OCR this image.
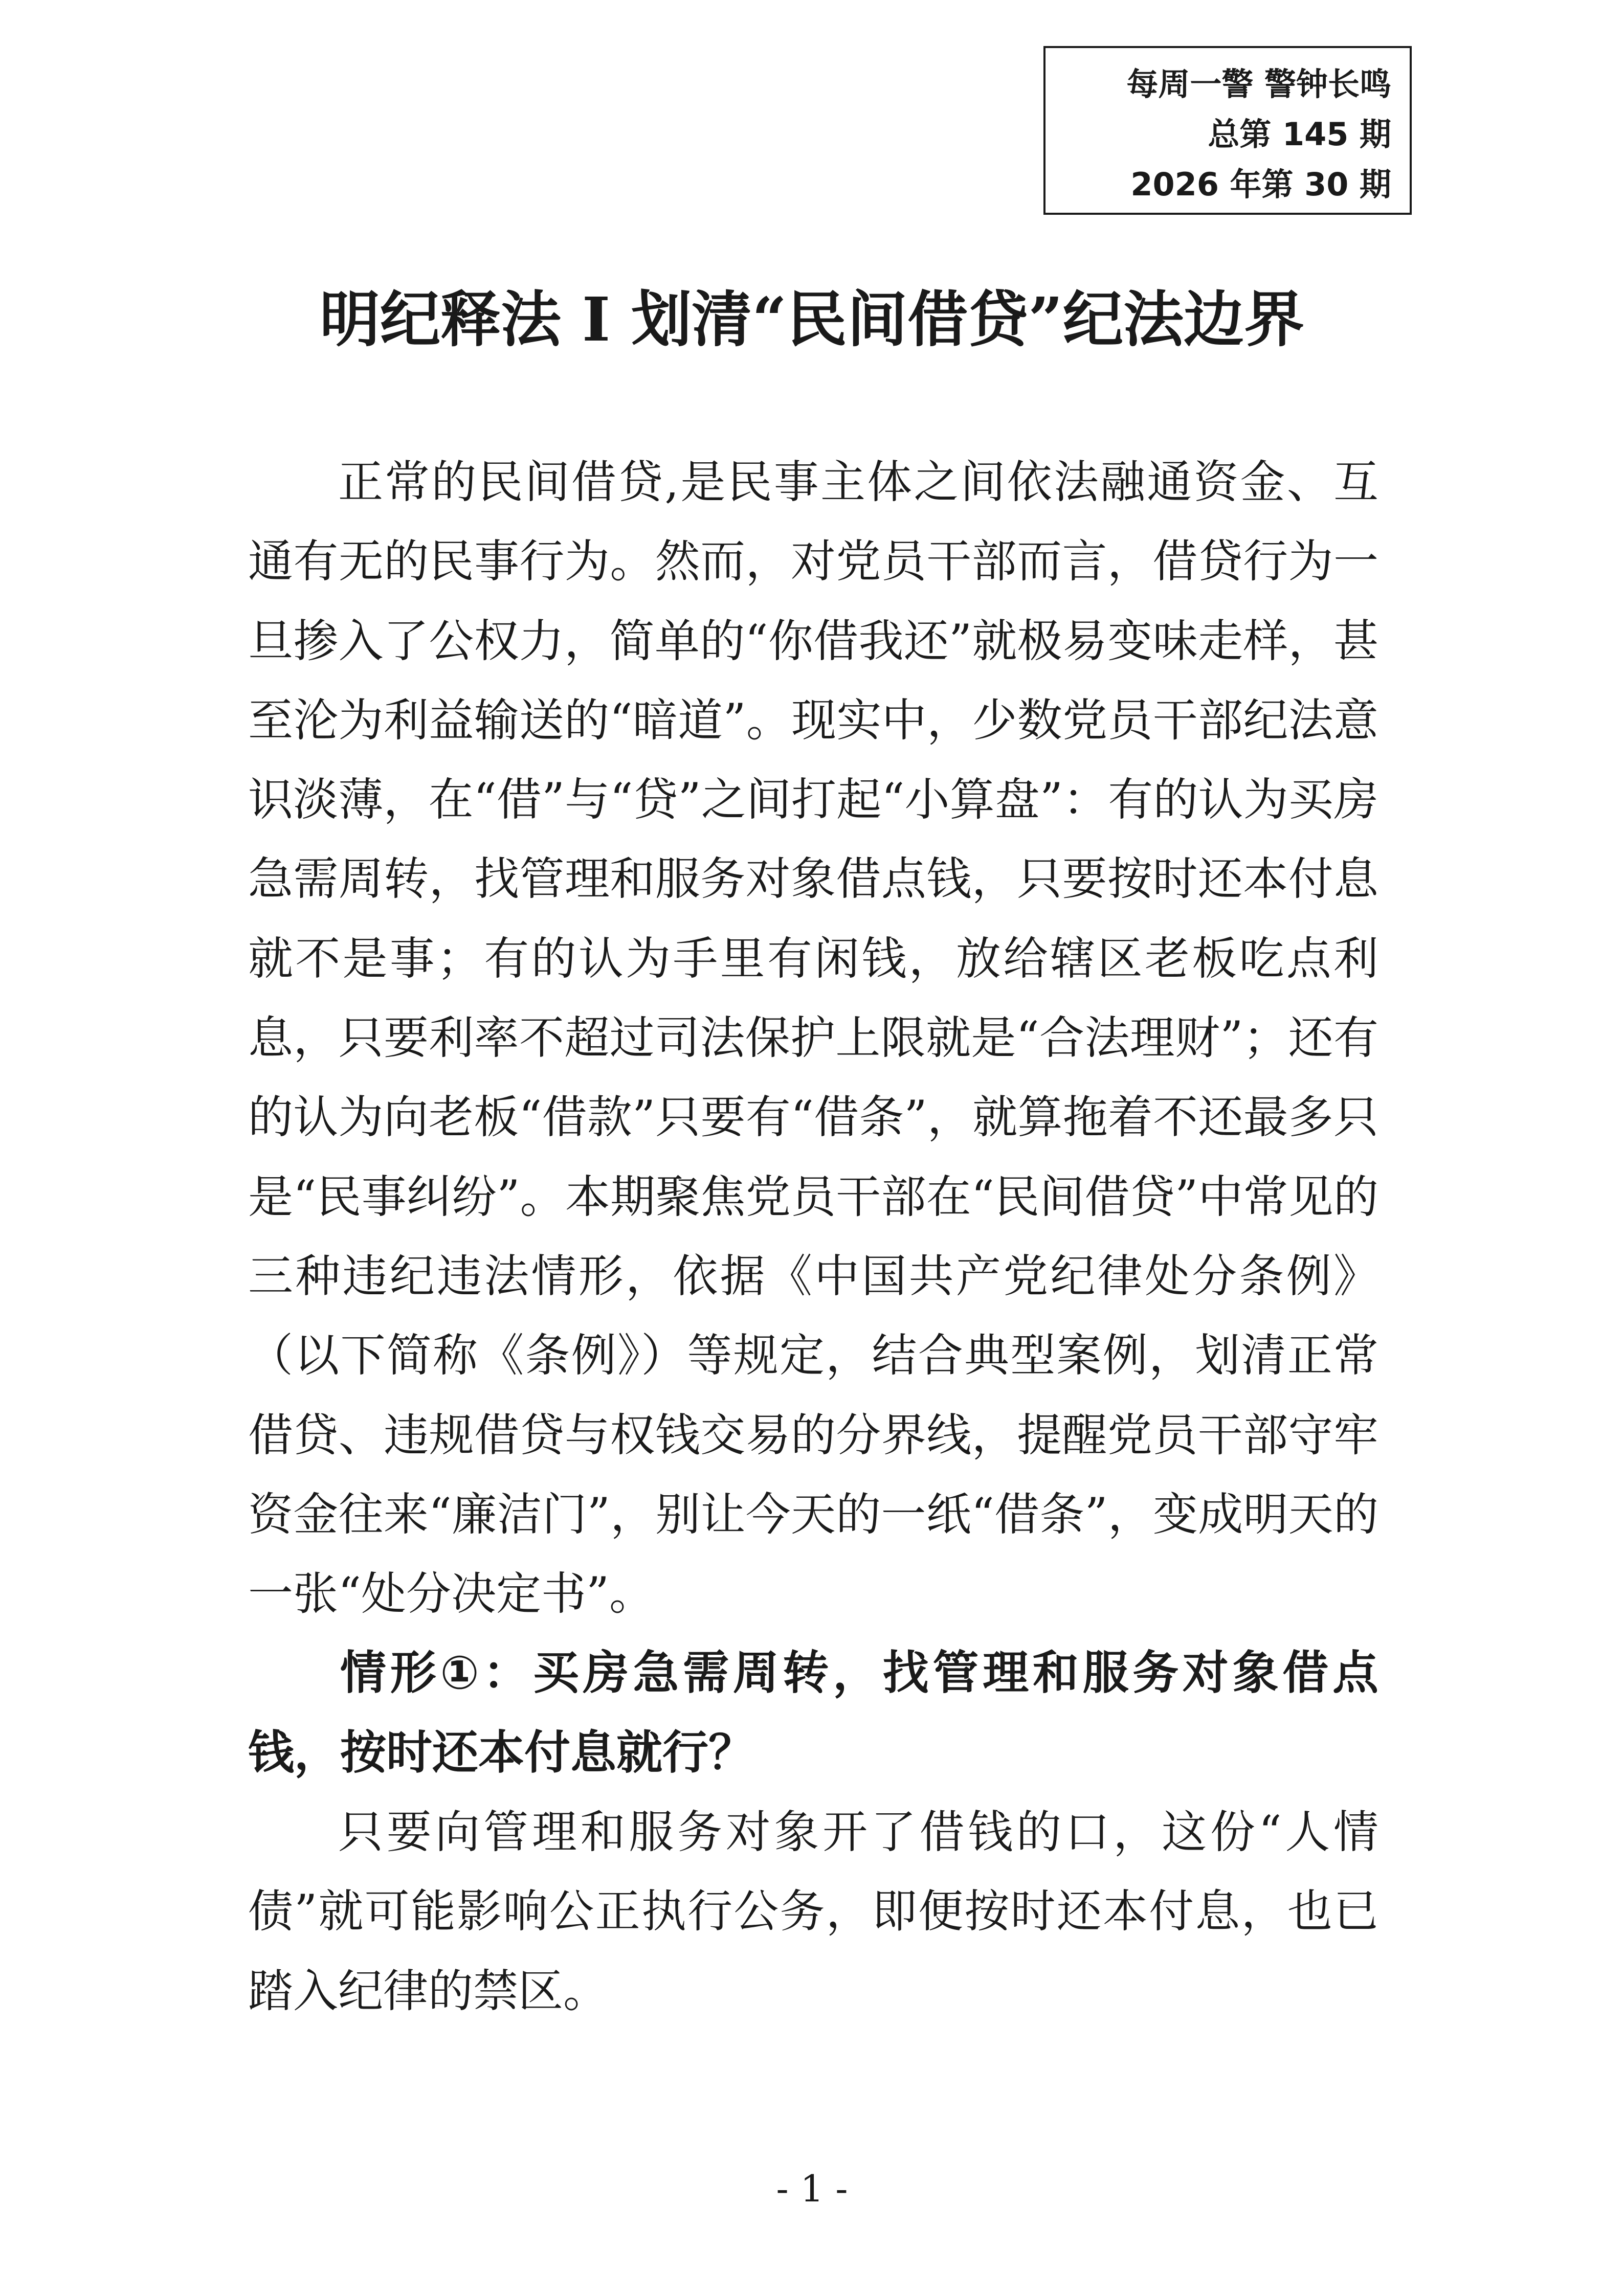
每周一警 警钟长鸣
总第 145 期
2026 年第 30 期
明纪释法 I 划清“民间借贷”纪法边界

正常的民间借贷,是民事主体之间依法融通资金、互通有无的民事行为。然而，对党员干部而言，借贷行为一旦掺入了公权力，简单的“你借我还”就极易变味走样，甚至沦为利益输送的“暗道”。现实中，少数党员干部纪法意识淡薄，在“借”与“贷”之间打起“小算盘”：有的认为买房急需周转，找管理和服务对象借点钱，只要按时还本付息就不是事；有的认为手里有闲钱，放给辖区老板吃点利息，只要利率不超过司法保护上限就是“合法理财”；还有的认为向老板“借款”只要有“借条”，就算拖着不还最多只是“民事纠纷”。本期聚焦党员干部在“民间借贷”中常见的三种违纪违法情形，依据《中国共产党纪律处分条例》（以下简称《条例》）等规定，结合典型案例，划清正常借贷、违规借贷与权钱交易的分界线，提醒党员干部守牢资金往来“廉洁门”，别让今天的一纸“借条”，变成明天的一张“处分决定书”。

情形①：买房急需周转，找管理和服务对象借点钱，按时还本付息就行？

只要向管理和服务对象开了借钱的口，这份“人情债”就可能影响公正执行公务，即便按时还本付息，也已踏入纪律的禁区。

- 1 -
